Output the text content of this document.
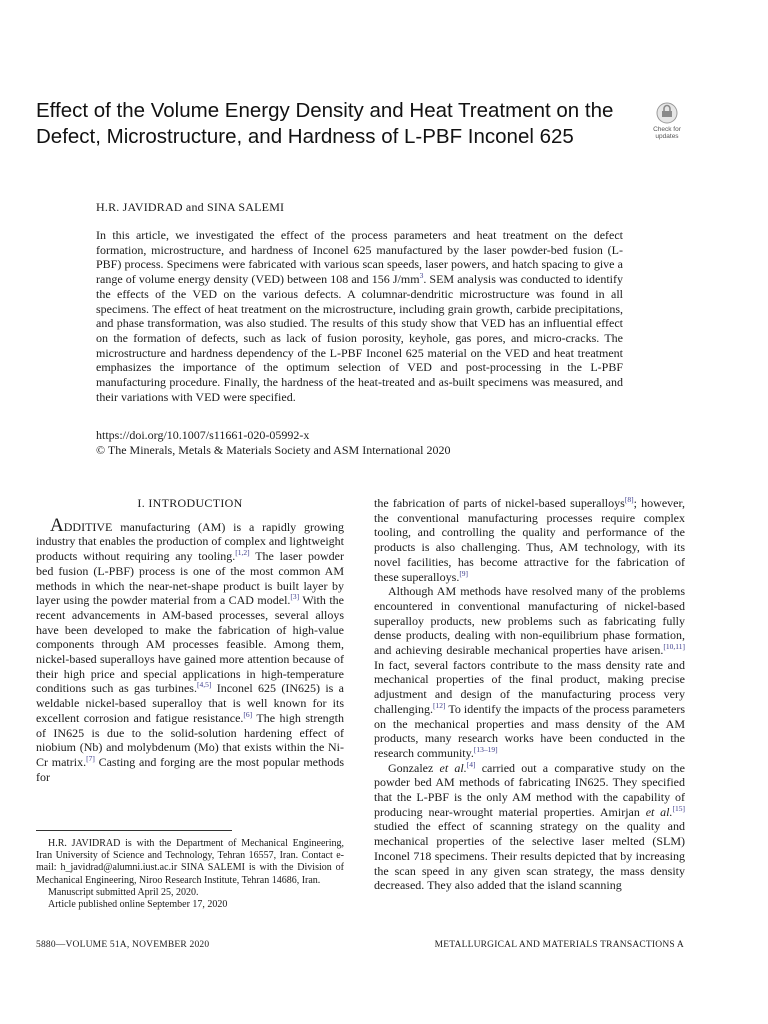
Effect of the Volume Energy Density and Heat Treatment on the Defect, Microstructure, and Hardness of L-PBF Inconel 625	Check for
updates
H.R. JAVIDRAD and SINA SALEMI

In this article, we investigated the effect of the process parameters and heat treatment on the defect formation, microstructure, and hardness of Inconel 625 manufactured by the laser powder-bed fusion (L-PBF) process. Specimens were fabricated with various scan speeds, laser powers, and hatch spacing to give a range of volume energy density (VED) between 108 and 156 $J/mm^3$. SEM analysis was conducted to identify the effects of the VED on the various defects. A columnar-dendritic microstructure was found in all specimens. The effect of heat treatment on the microstructure, including grain growth, carbide precipitations, and phase transformation, was also studied. The results of this study show that VED has an influential effect on the formation of defects, such as lack of fusion porosity, keyhole, gas pores, and micro-cracks. The microstructure and hardness dependency of the L-PBF Inconel 625 material on the VED and heat treatment emphasizes the importance of the optimum selection of VED and post-processing in the L-PBF manufacturing procedure. Finally, the hardness of the heat-treated and as-built specimens was measured, and their variations with VED were specified.

https://doi.org/10.1007/s11661-020-05992-x
© The Minerals, Metals & Materials Society and ASM International 2020
I. INTRODUCTION

ADDITIVE manufacturing (AM) is a rapidly growing industry that enables the production of complex and lightweight products without requiring any tooling.[1,2] The laser powder bed fusion (L-PBF) process is one of the most common AM methods in which the near-net-shape product is built layer by layer using the powder material from a CAD model.[3] With the recent advancements in AM-based processes, several alloys have been developed to make the fabrication of high-value components through AM processes feasible. Among them, nickel-based superalloys have gained more attention because of their high price and special applications in high-temperature conditions such as gas turbines.[4,5] Inconel 625 (IN625) is a weldable nickel-based superalloy that is well known for its excellent corrosion and fatigue resistance.[6] The high strength of IN625 is due to the solid-solution hardening effect of niobium (Nb) and molybdenum (Mo) that exists within the Ni-Cr matrix.[7] Casting and forging are the most popular methods for

the fabrication of parts of nickel-based superalloys[8]; however, the conventional manufacturing processes require complex tooling, and controlling the quality and performance of the products is also challenging. Thus, AM technology, with its novel facilities, has become attractive for the fabrication of these superalloys.[9]

Although AM methods have resolved many of the problems encountered in conventional manufacturing of nickel-based superalloy products, new problems such as fabricating fully dense products, dealing with non-equilibrium phase formation, and achieving desirable mechanical properties have arisen.[10,11] In fact, several factors contribute to the mass density rate and mechanical properties of the final product, making precise adjustment and design of the manufacturing process very challenging.[12] To identify the impacts of the process parameters on the mechanical properties and mass density of the AM products, many research works have been conducted in the research community.[13–19]

Gonzalez et al.[4] carried out a comparative study on the powder bed AM methods of fabricating IN625. They specified that the L-PBF is the only AM method with the capability of producing near-wrought material properties. Amirjan et al.[15] studied the effect of scanning strategy on the quality and mechanical properties of the selective laser melted (SLM) Inconel 718 specimens. Their results depicted that by increasing the scan speed in any given scan strategy, the mass density decreased. They also added that the island scanning

H.R. JAVIDRAD is with the Department of Mechanical Engineering, Iran University of Science and Technology, Tehran 16557, Iran. Contact e-mail: h_javidrad@alumni.iust.ac.ir SINA SALEMI is with the Division of Mechanical Engineering, Niroo Research Institute, Tehran 14686, Iran.

Manuscript submitted April 25, 2020.

Article published online September 17, 2020

5880—VOLUME 51A, NOVEMBER 2020	METALLURGICAL AND MATERIALS TRANSACTIONS A
